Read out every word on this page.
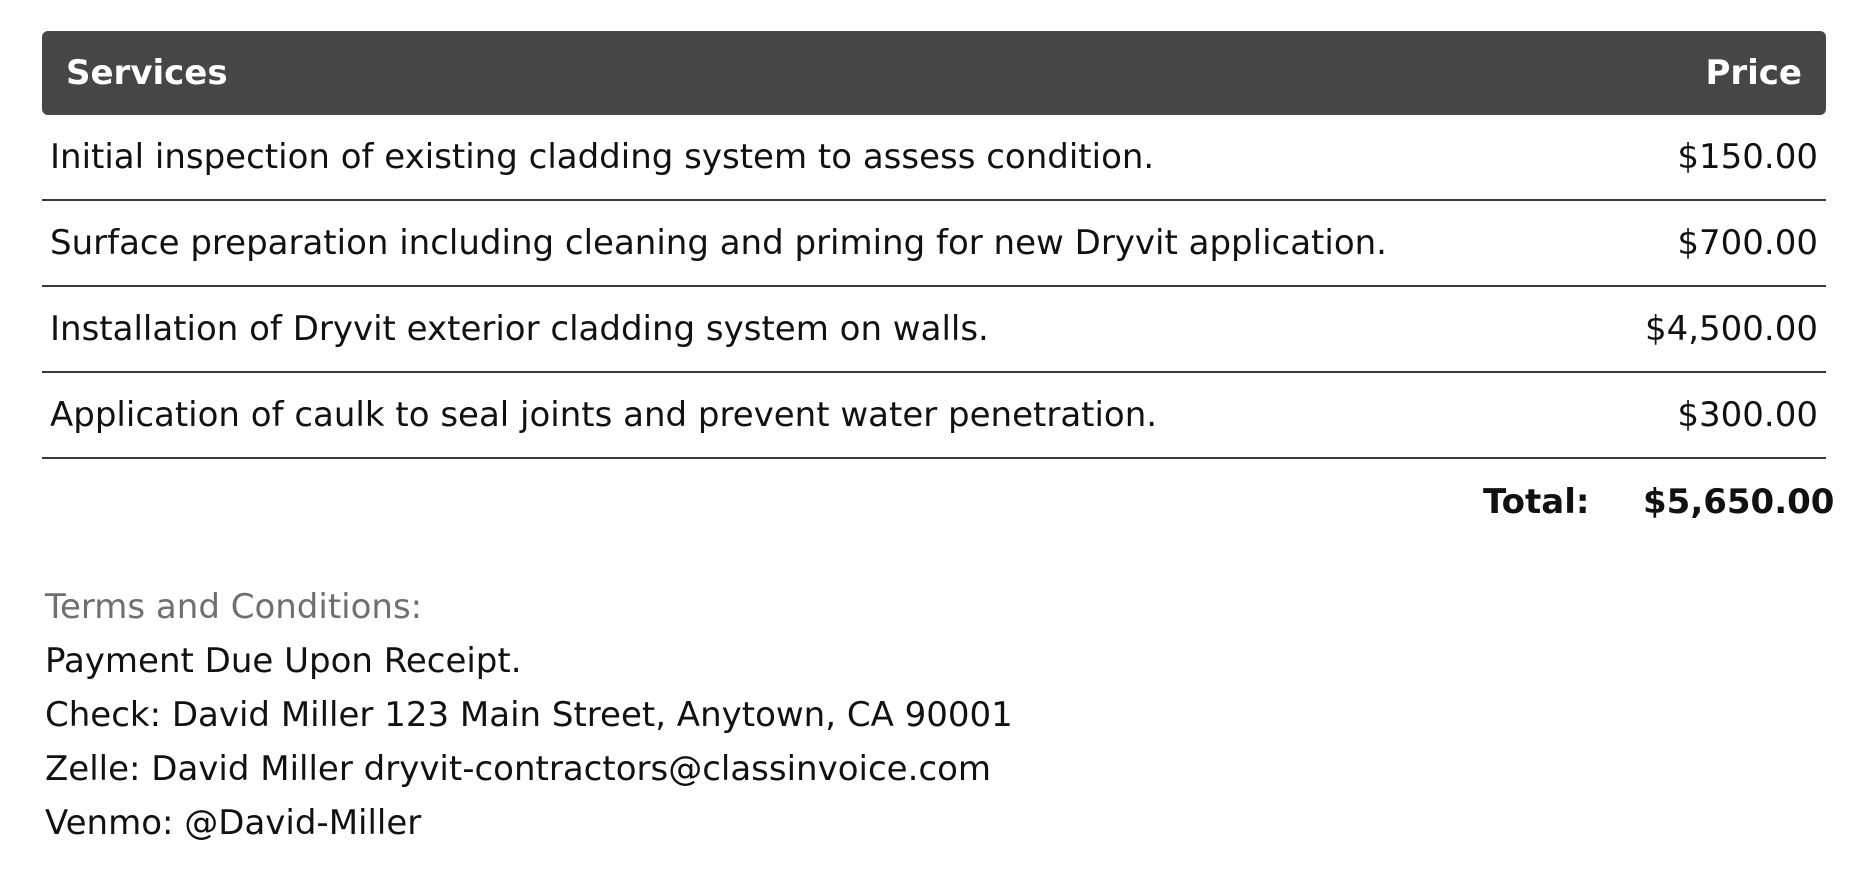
Services	Price
Initial inspection of existing cladding system to assess condition.	$150.00
Surface preparation including cleaning and priming for new Dryvit application.	$700.00
Installation of Dryvit exterior cladding system on walls.	$4,500.00
Application of caulk to seal joints and prevent water penetration.	$300.00
Total:	$5,650.00
Terms and Conditions:
Payment Due Upon Receipt.
Check: David Miller 123 Main Street, Anytown, CA 90001
Zelle: David Miller dryvit-contractors@classinvoice.com
Venmo: @David-Miller
